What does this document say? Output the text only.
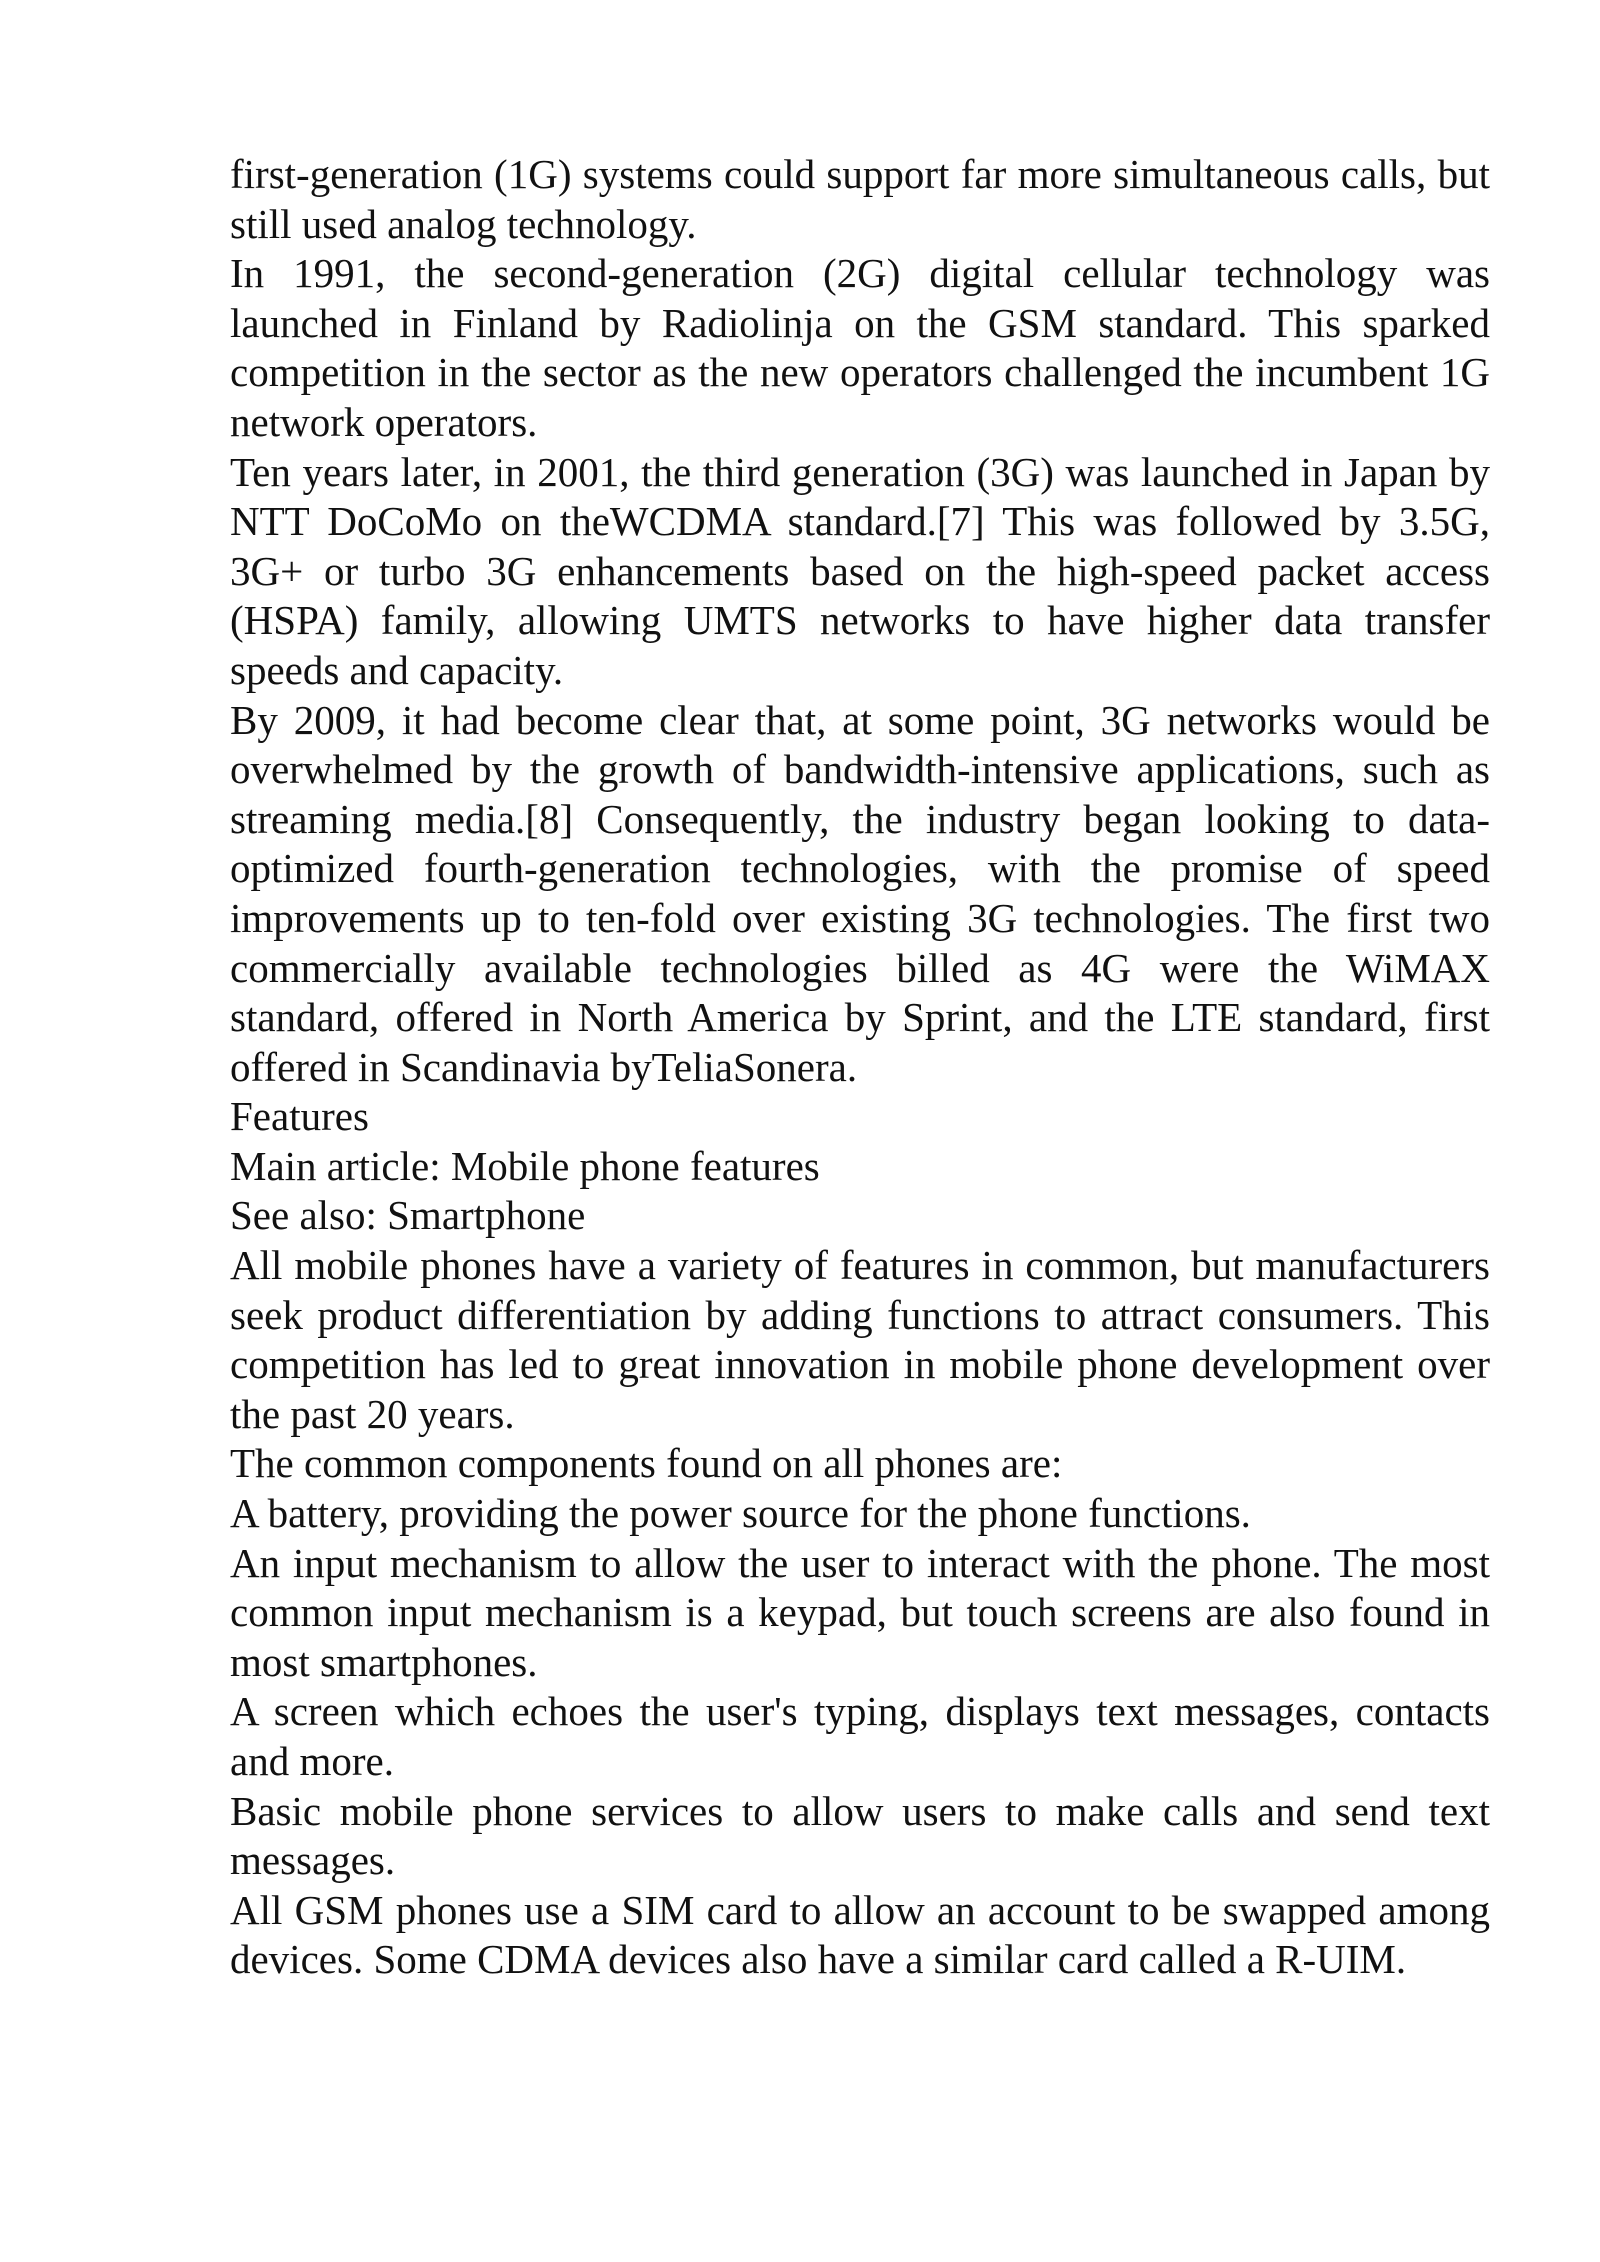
first-generation (1G) systems could support far more simultaneous calls, but still used analog technology.

In 1991, the second-generation (2G) digital cellular technology was launched in Finland by Radiolinja on the GSM standard. This sparked competition in the sector as the new operators challenged the incumbent 1G network operators.

Ten years later, in 2001, the third generation (3G) was launched in Japan by NTT DoCoMo on theWCDMA standard.[7] This was followed by 3.5G, 3G+ or turbo 3G enhancements based on the high-speed packet access (HSPA) family, allowing UMTS networks to have higher data transfer speeds and capacity.

By 2009, it had become clear that, at some point, 3G networks would be overwhelmed by the growth of bandwidth-intensive applications, such as streaming media.[8] Consequently, the industry began looking to data-optimized fourth-generation technologies, with the promise of speed improvements up to ten-fold over existing 3G technologies. The first two commercially available technologies billed as 4G were the WiMAX standard, offered in North America by Sprint, and the LTE standard, first offered in Scandinavia byTeliaSonera.

Features

Main article: Mobile phone features

See also: Smartphone

All mobile phones have a variety of features in common, but manufacturers seek product differentiation by adding functions to attract consumers. This competition has led to great innovation in mobile phone development over the past 20 years.

The common components found on all phones are:

A battery, providing the power source for the phone functions.

An input mechanism to allow the user to interact with the phone. The most common input mechanism is a keypad, but touch screens are also found in most smartphones.

A screen which echoes the user's typing, displays text messages, contacts and more.

Basic mobile phone services to allow users to make calls and send text messages.

All GSM phones use a SIM card to allow an account to be swapped among devices. Some CDMA devices also have a similar card called a R-UIM.
